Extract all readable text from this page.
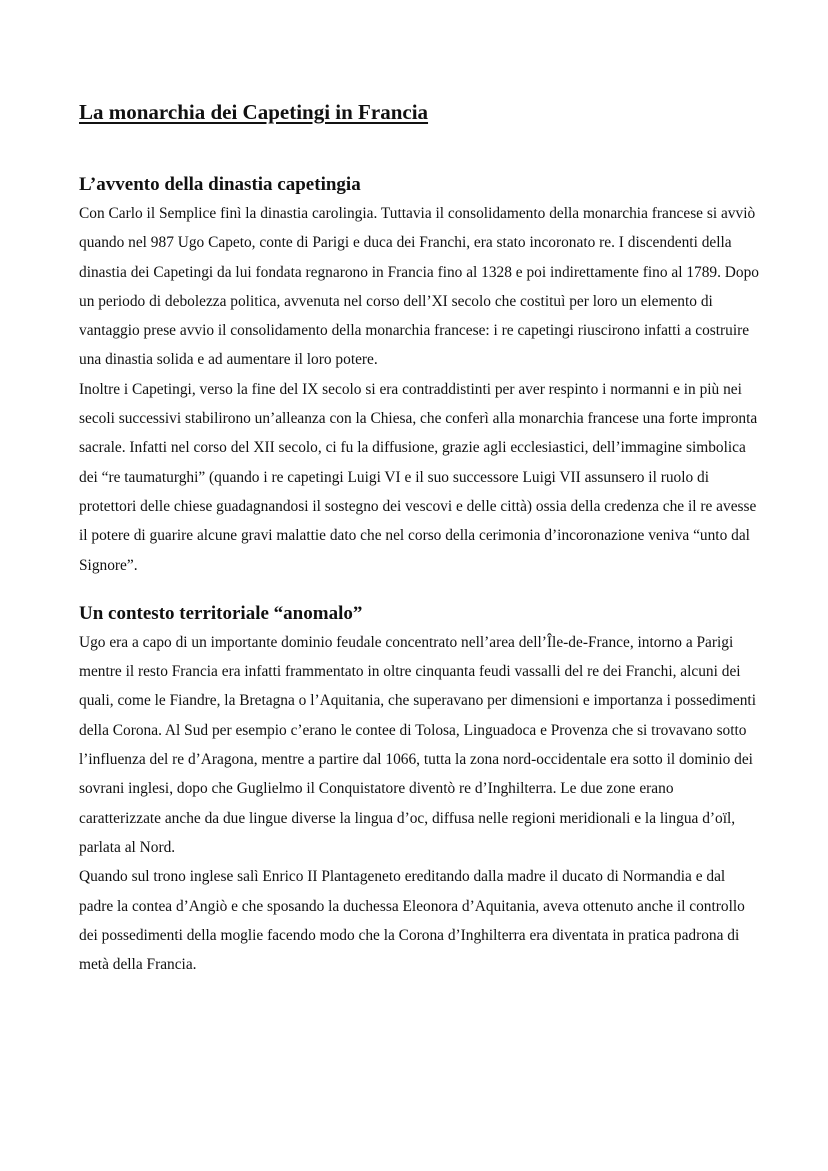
La monarchia dei Capetingi in Francia
L’avvento della dinastia capetingia

Con Carlo il Semplice finì la dinastia carolingia. Tuttavia il consolidamento della monarchia francese si avviò quando nel 987 Ugo Capeto, conte di Parigi e duca dei Franchi, era stato incoronato re. I discendenti della dinastia dei Capetingi da lui fondata regnarono in Francia fino al 1328 e poi indirettamente fino al 1789. Dopo un periodo di debolezza politica, avvenuta nel corso dell’XI secolo che costituì per loro un elemento di vantaggio prese avvio il consolidamento della monarchia francese: i re capetingi riuscirono infatti a costruire una dinastia solida e ad aumentare il loro potere.

Inoltre i Capetingi, verso la fine del IX secolo si era contraddistinti per aver respinto i normanni e in più nei secoli successivi stabilirono un’alleanza con la Chiesa, che conferì alla monarchia francese una forte impronta sacrale. Infatti nel corso del XII secolo, ci fu la diffusione, grazie agli ecclesiastici, dell’immagine simbolica dei “re taumaturghi” (quando i re capetingi Luigi VI e il suo successore Luigi VII assunsero il ruolo di protettori delle chiese guadagnandosi il sostegno dei vescovi e delle città) ossia della credenza che il re avesse il potere di guarire alcune gravi malattie dato che nel corso della cerimonia d’incoronazione veniva “unto dal Signore”.

Un contesto territoriale “anomalo”

Ugo era a capo di un importante dominio feudale concentrato nell’area dell’Île-de-France, intorno a Parigi mentre il resto Francia era infatti frammentato in oltre cinquanta feudi vassalli del re dei Franchi, alcuni dei quali, come le Fiandre, la Bretagna o l’Aquitania, che superavano per dimensioni e importanza i possedimenti della Corona. Al Sud per esempio c’erano le contee di Tolosa, Linguadoca e Provenza che si trovavano sotto l’influenza del re d’Aragona, mentre a partire dal 1066, tutta la zona nord-occidentale era sotto il dominio dei sovrani inglesi, dopo che Guglielmo il Conquistatore diventò re d’Inghilterra. Le due zone erano caratterizzate anche da due lingue diverse la lingua d’oc, diffusa nelle regioni meridionali e la lingua d’oïl, parlata al Nord.

Quando sul trono inglese salì Enrico II Plantageneto ereditando dalla madre il ducato di Normandia e dal padre la contea d’Angiò e che sposando la duchessa Eleonora d’Aquitania, aveva ottenuto anche il controllo dei possedimenti della moglie facendo modo che la Corona d’Inghilterra era diventata in pratica padrona di metà della Francia.
